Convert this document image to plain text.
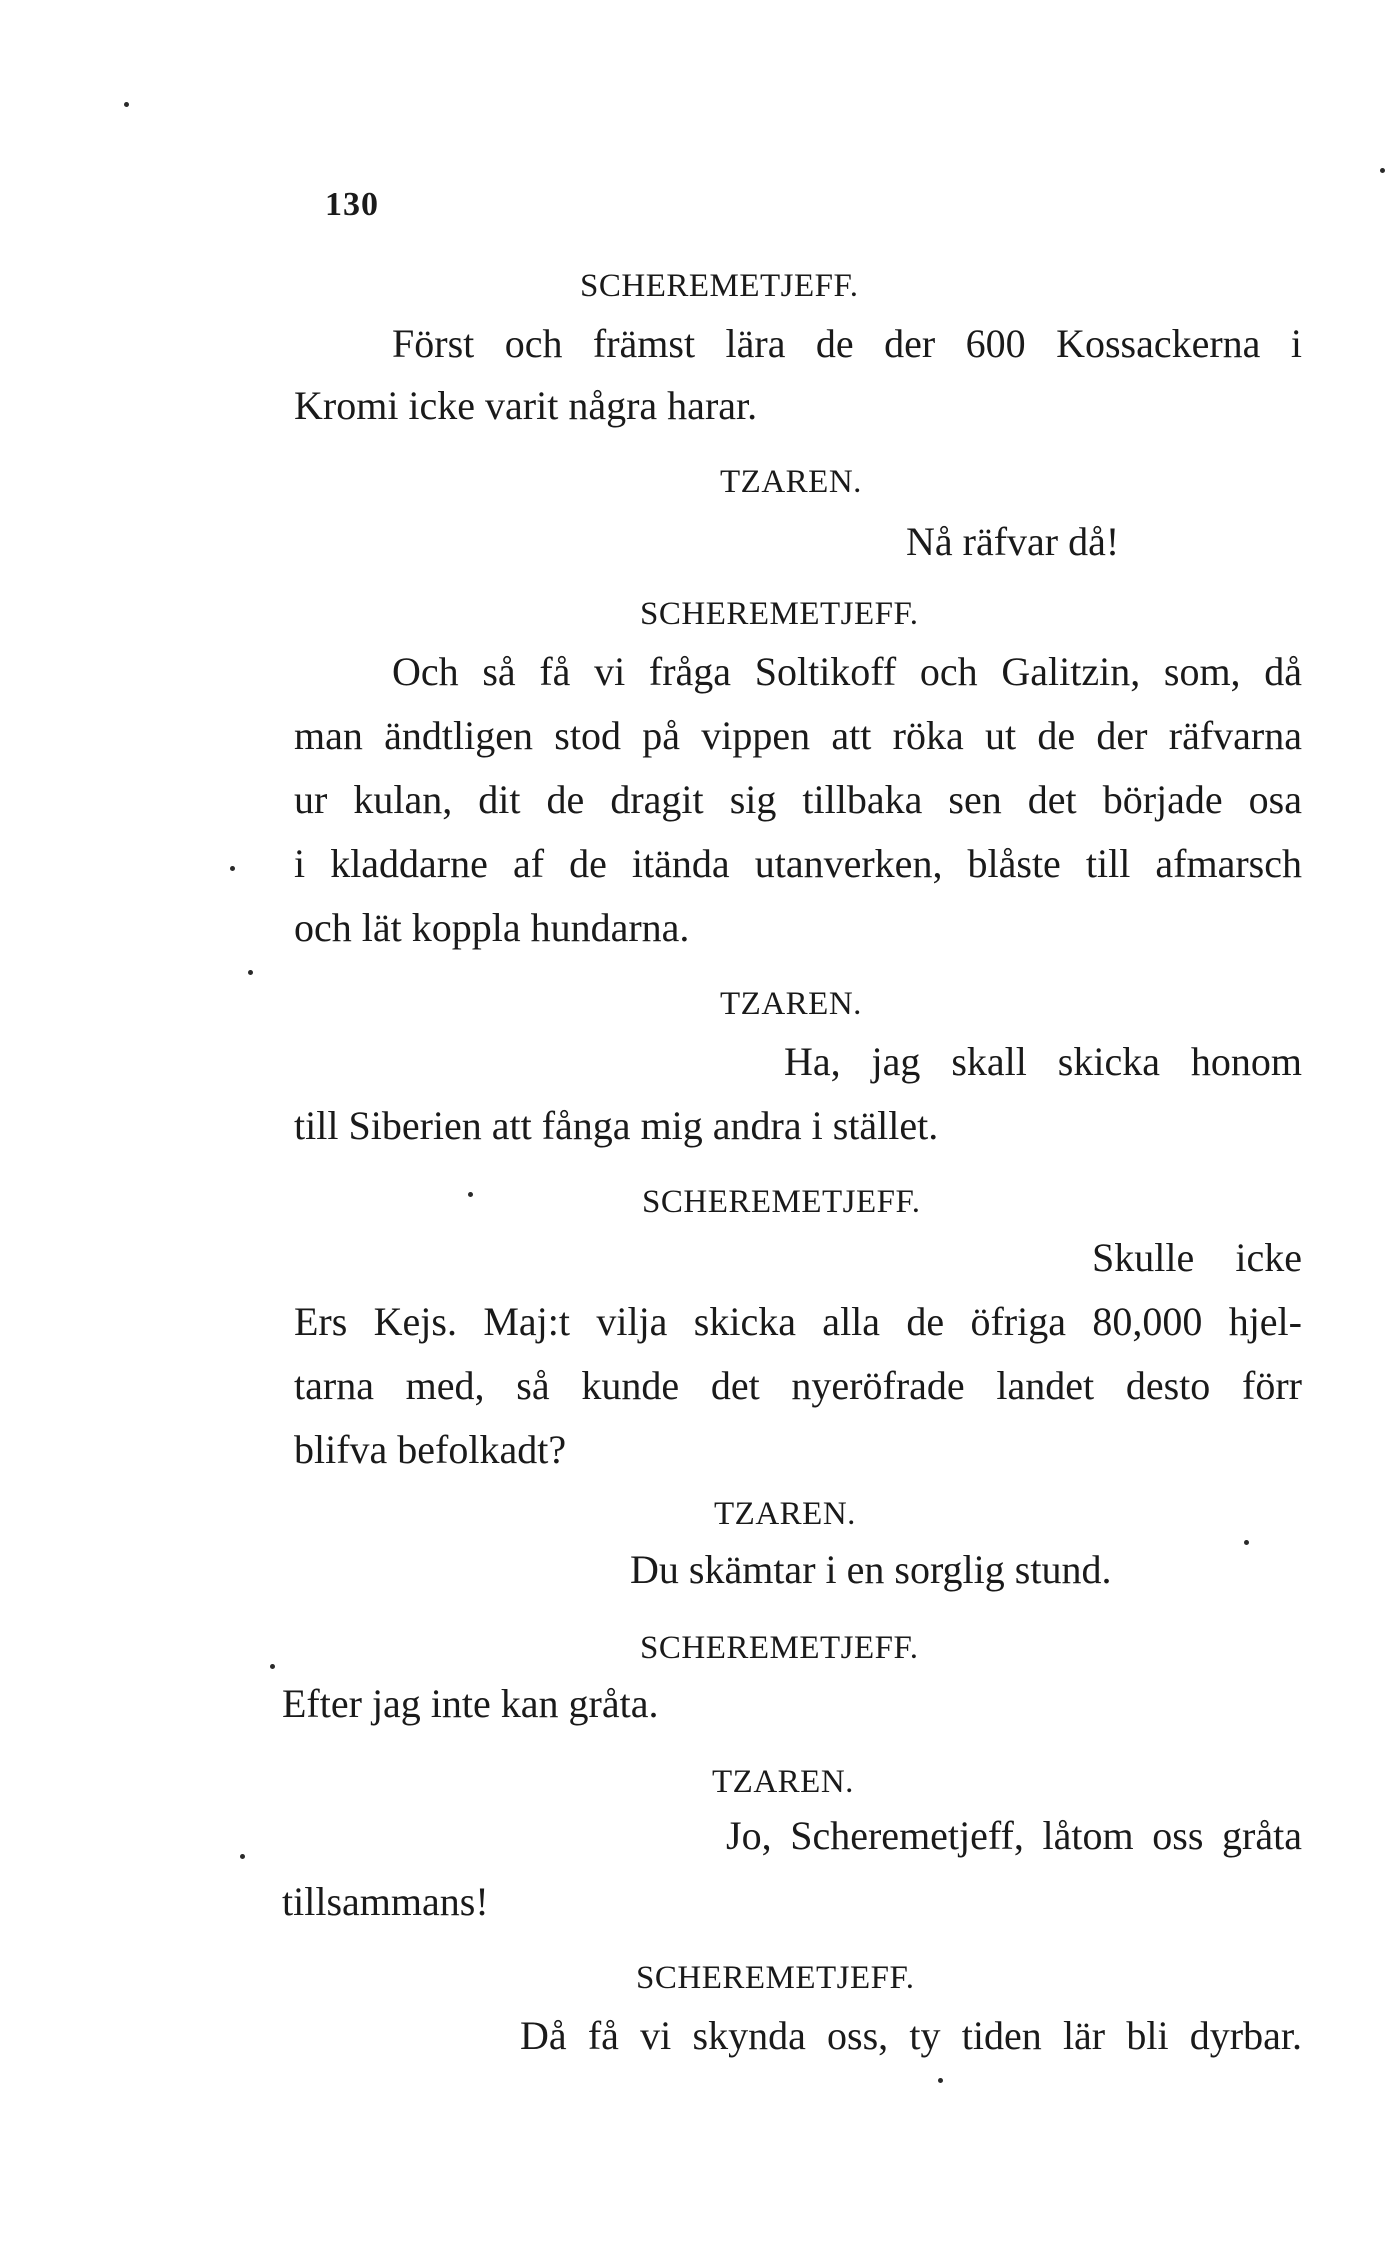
130
SCHEREMETJEFF.
Först och främst lära de der 600 Kossackerna i
Kromi icke varit några harar.
TZAREN.
Nå räfvar då!
SCHEREMETJEFF.
Och så få vi fråga Soltikoff och Galitzin, som, då
man ändtligen stod på vippen att röka ut de der räfvarna
ur kulan, dit de dragit sig tillbaka sen det började osa
i kladdarne af de itända utanverken, blåste till afmarsch
och lät koppla hundarna.
TZAREN.
Ha, jag skall skicka honom
till Siberien att fånga mig andra i stället.
SCHEREMETJEFF.
Skulle icke
Ers Kejs. Maj:t vilja skicka alla de öfriga 80,000 hjel-
tarna med, så kunde det nyeröfrade landet desto förr
blifva befolkadt?
TZAREN.
Du skämtar i en sorglig stund.
SCHEREMETJEFF.
Efter jag inte kan gråta.
TZAREN.
Jo, Scheremetjeff, låtom oss gråta
tillsammans!
SCHEREMETJEFF.
Då få vi skynda oss, ty tiden lär bli dyrbar.
